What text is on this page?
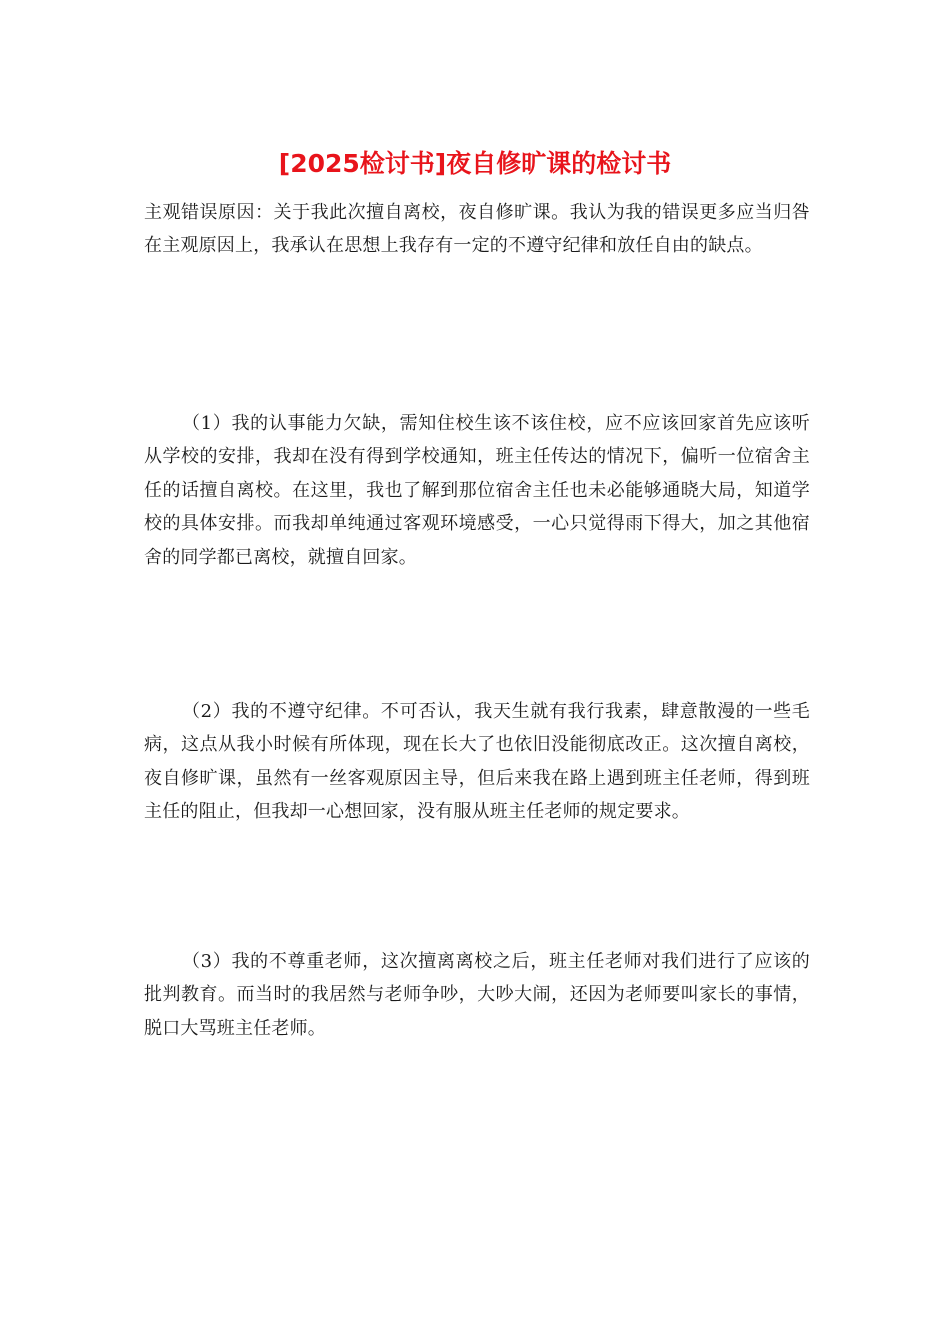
[2025检讨书]夜自修旷课的检讨书

主观错误原因：关于我此次擅自离校，夜自修旷课。我认为我的错误更多应当归咎在主观原因上，我承认在思想上我存有一定的不遵守纪律和放任自由的缺点。

（1）我的认事能力欠缺，需知住校生该不该住校，应不应该回家首先应该听从学校的安排，我却在没有得到学校通知，班主任传达的情况下，偏听一位宿舍主任的话擅自离校。在这里，我也了解到那位宿舍主任也未必能够通晓大局，知道学校的具体安排。而我却单纯通过客观环境感受，一心只觉得雨下得大，加之其他宿舍的同学都已离校，就擅自回家。

（2）我的不遵守纪律。不可否认，我天生就有我行我素，肆意散漫的一些毛病，这点从我小时候有所体现，现在长大了也依旧没能彻底改正。这次擅自离校，夜自修旷课，虽然有一丝客观原因主导，但后来我在路上遇到班主任老师，得到班主任的阻止，但我却一心想回家，没有服从班主任老师的规定要求。

（3）我的不尊重老师，这次擅离离校之后，班主任老师对我们进行了应该的批判教育。而当时的我居然与老师争吵，大吵大闹，还因为老师要叫家长的事情，脱口大骂班主任老师。
